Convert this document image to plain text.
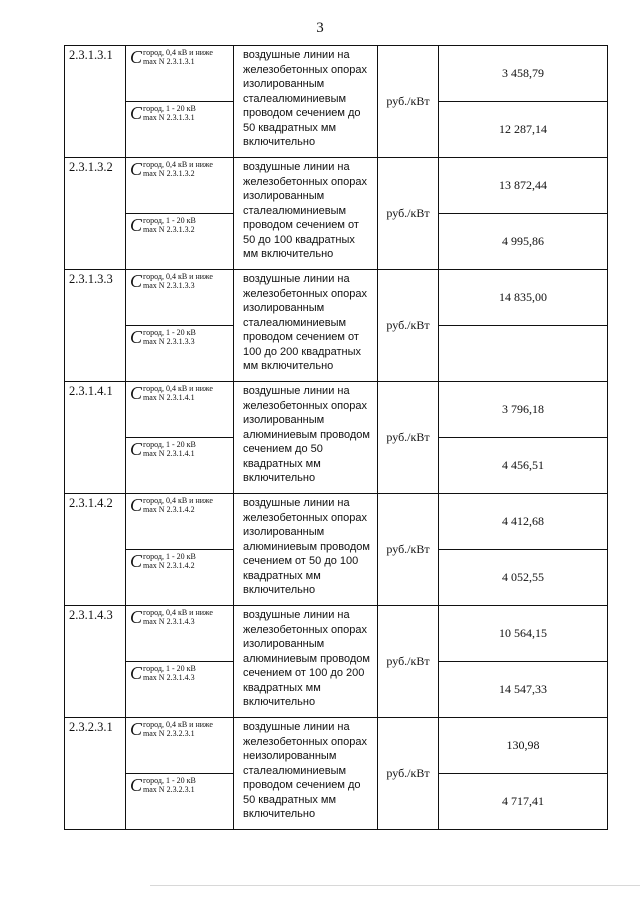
3
2.3.1.3.1	C город, 0,4 кВ и ниже
max N 2.3.1.3.1	воздушные линии на железобетонных опорах изолированным сталеалюминиевым проводом сечением до 50 квадратных мм включительно	руб./кВт	3 458,79

	C город, 1 - 20 кВ
max N 2.3.1.3.1			12 287,14
2.3.1.3.2	C город, 0,4 кВ и ниже
max N 2.3.1.3.2	воздушные линии на железобетонных опорах изолированным сталеалюминиевым проводом сечением от 50 до 100 квадратных мм включительно	руб./кВт	13 872,44

	C город, 1 - 20 кВ
max N 2.3.1.3.2			4 995,86
2.3.1.3.3	C город, 0,4 кВ и ниже
max N 2.3.1.3.3	воздушные линии на железобетонных опорах изолированным сталеалюминиевым проводом сечением от 100 до 200 квадратных мм включительно	руб./кВт	14 835,00

	C город, 1 - 20 кВ
max N 2.3.1.3.3			

2.3.1.4.1	C город, 0,4 кВ и ниже
max N 2.3.1.4.1	воздушные линии на железобетонных опорах изолированным алюминиевым проводом сечением до 50 квадратных мм включительно	руб./кВт	3 796,18

	C город, 1 - 20 кВ
max N 2.3.1.4.1			4 456,51
2.3.1.4.2	C город, 0,4 кВ и ниже
max N 2.3.1.4.2	воздушные линии на железобетонных опорах изолированным алюминиевым проводом сечением от 50 до 100 квадратных мм включительно	руб./кВт	4 412,68

	C город, 1 - 20 кВ
max N 2.3.1.4.2			4 052,55
2.3.1.4.3	C город, 0,4 кВ и ниже
max N 2.3.1.4.3	воздушные линии на железобетонных опорах изолированным алюминиевым проводом сечением от 100 до 200 квадратных мм включительно	руб./кВт	10 564,15

	C город, 1 - 20 кВ
max N 2.3.1.4.3			14 547,33
2.3.2.3.1	C город, 0,4 кВ и ниже
max N 2.3.2.3.1	воздушные линии на железобетонных опорах неизолированным сталеалюминиевым проводом сечением до 50 квадратных мм включительно	руб./кВт	130,98

	C город, 1 - 20 кВ
max N 2.3.2.3.1			4 717,41
